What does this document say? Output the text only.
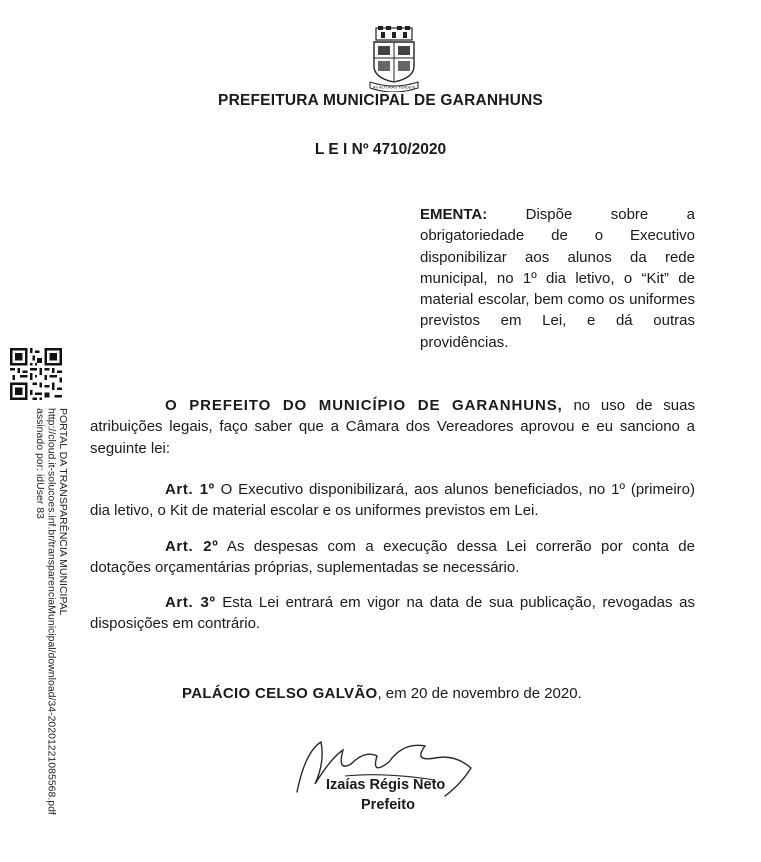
AS ALTURAS TENDEIS
PREFEITURA MUNICIPAL DE GARANHUNS
L E I Nº 4710/2020
EMENTA: Dispõe sobre a obrigatoriedade de o Executivo disponibilizar aos alunos da rede municipal, no 1º dia letivo, o “Kit” de material escolar, bem como os uniformes previstos em Lei, e dá outras providências.
O PREFEITO DO MUNICÍPIO DE GARANHUNS, no uso de suas atribuições legais, faço saber que a Câmara dos Vereadores aprovou e eu sanciono a seguinte lei:
Art. 1º O Executivo disponibilizará, aos alunos beneficiados, no 1º (primeiro) dia letivo, o Kit de material escolar e os uniformes previstos em Lei.
Art. 2º As despesas com a execução dessa Lei correrão por conta de dotações orçamentárias próprias, suplementadas se necessário.
Art. 3º Esta Lei entrará em vigor na data de sua publicação, revogadas as disposições em contrário.
PALÁCIO CELSO GALVÃO, em 20 de novembro de 2020.
Izaías Régis Neto
Prefeito
PORTAL DA TRANSPARÊNCIA MUNICIPAL
http://cloud.it-solucoes.inf.br/transparenciaMunicipal/download/34-20201221085568.pdf
assinado por: idUser 83
